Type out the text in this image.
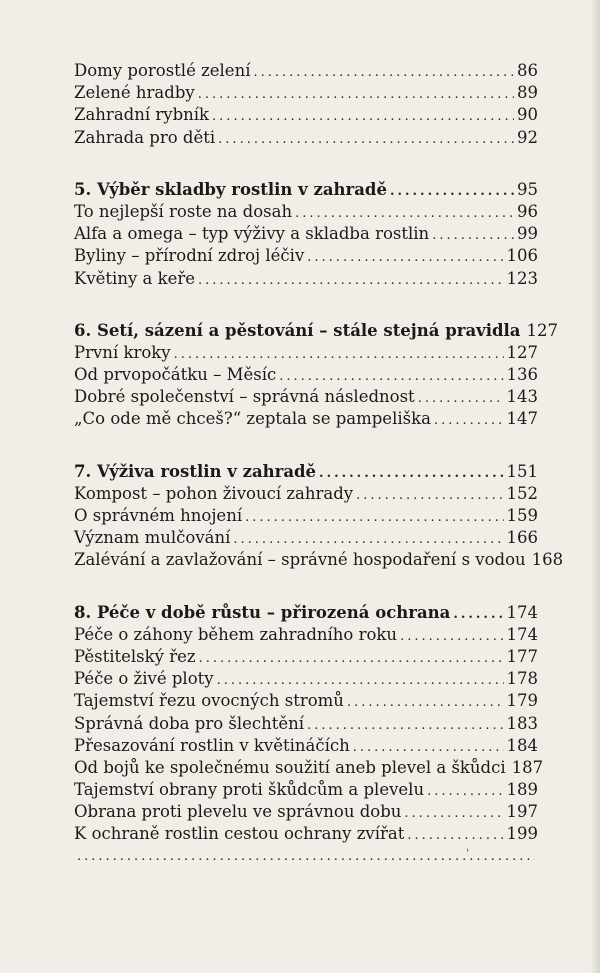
Domy porostlé zelení .....	86
Zelené hradby .....	89
Zahradní rybník .....	90
Zahrada pro děti .....	92
5. Výběr skladby rostlin v zahradě .....	95
To nejlepší roste na dosah .....	96
Alfa a omega – typ výživy a skladba rostlin .....	99
Byliny – přírodní zdroj léčiv .....	106
Květiny a keře .....	123
6. Setí, sázení a pěstování – stále stejná pravidla 127
První kroky .....	127
Od prvopočátku – Měsíc .....	136
Dobré společenství – správná následnost .....	143
„Co ode mě chceš?“ zeptala se pampeliška .....	147
7. Výživa rostlin v zahradě .....	151
Kompost – pohon živoucí zahrady .....	152
O správném hnojení .....	159
Význam mulčování .....	166
Zalévání a zavlažování – správné hospodaření s vodou 168
8. Péče v době růstu – přirozená ochrana .....	174
Péče o záhony během zahradního roku .....	174
Pěstitelský řez .....	177
Péče o živé ploty .....	178
Tajemství řezu ovocných stromů .....	179
Správná doba pro šlechtění .....	183
Přesazování rostlin v květináčích .....	184
Od bojů ke společnému soužití aneb plevel a škůdci 187
Tajemství obrany proti škůdcům a plevelu .....	189
Obrana proti plevelu ve správnou dobu .....	197
K ochraně rostlin cestou ochrany zvířat .....	199
.....
'
